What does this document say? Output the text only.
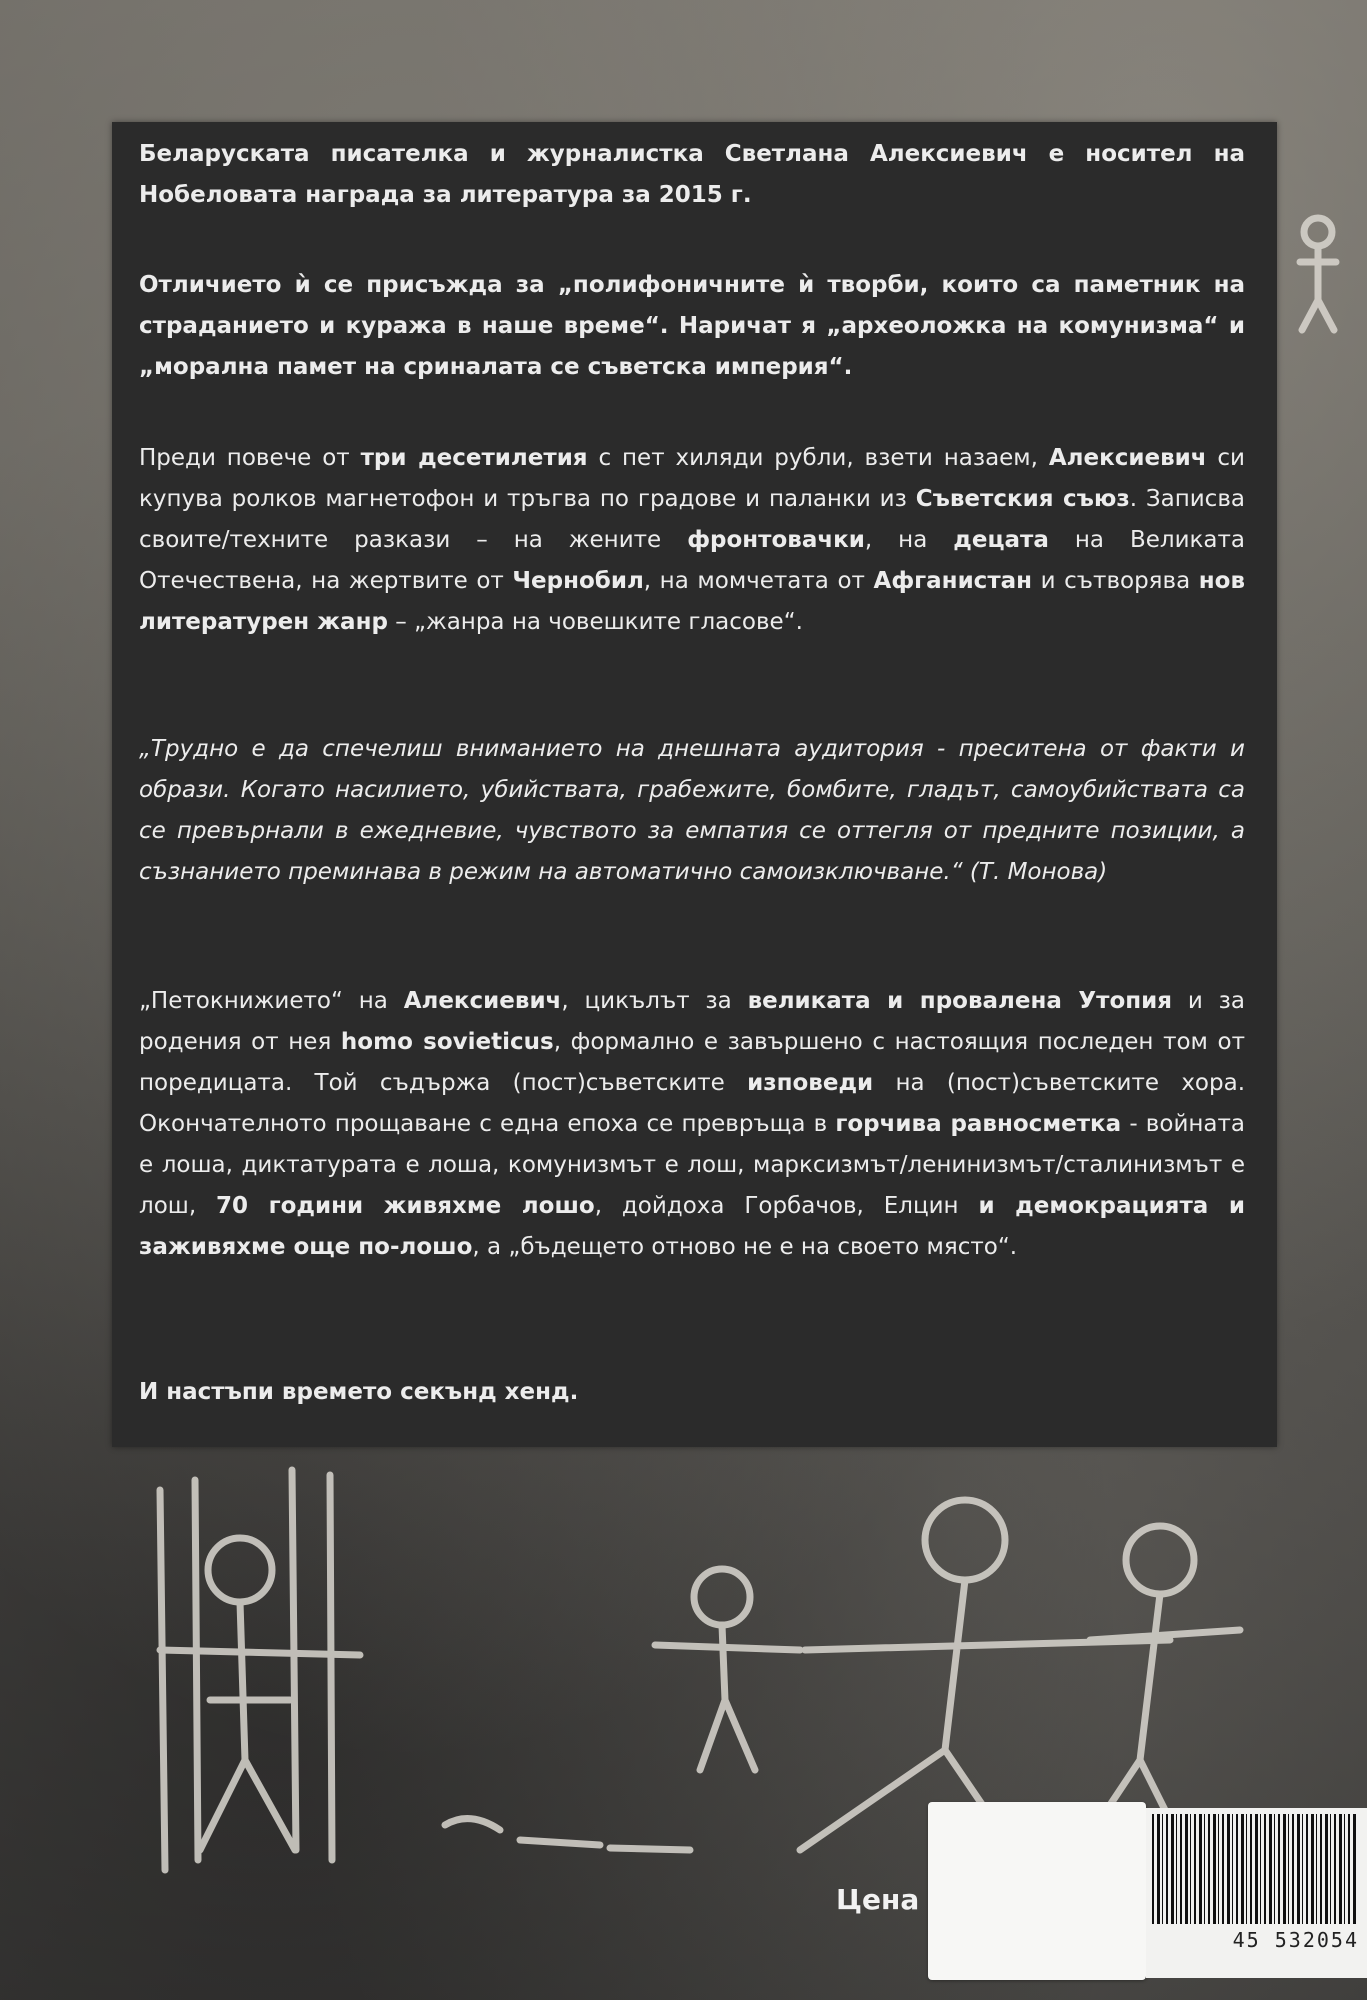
Беларуската писателка и журналистка Светлана Алексиевич е носител на Нобеловата награда за литература за 2015 г.

Отличието ѝ се присъжда за „полифоничните ѝ творби, които са паметник на страданието и куража в наше време“. Наричат я „археоложка на комунизма“ и „морална памет на сриналата се съветска империя“.

Преди повече от три десетилетия с пет хиляди рубли, взети назаем, Алексиевич си купува ролков магнетофон и тръгва по градове и паланки из Съветския съюз. Записва своите/техните разкази – на жените фронтовачки, на децата на Великата Отечествена, на жертвите от Чернобил, на момчетата от Афганистан и сътворява нов литературен жанр – „жанра на човешките гласове“.

„Трудно е да спечелиш вниманието на днешната аудитория - преситена от факти и образи. Когато насилието, убийствата, грабежите, бомбите, гладът, самоубийствата са се превърнали в ежедневие, чувството за емпатия се оттегля от предните позиции, а съзнанието преминава в режим на автоматично самоизключване.“ (Т. Монова)

„Петокнижието“ на Алексиевич, цикълът за великата и провалена Утопия и за родения от нея homo sovieticus, формално е завършено с настоящия последен том от поредицата. Той съдържа (пост)съветските изповеди на (пост)съветските хора. Окончателното прощаване с една епоха се превръща в горчива равносметка - войната е лоша, диктатурата е лоша, комунизмът е лош, марксизмът/ленинизмът/сталинизмът е лош, 70 години живяхме лошо, дойдоха Горбачов, Елцин и демокрацията и заживяхме още по-лошо, а „бъдещето отново не е на своето място“.

И настъпи времето секънд хенд.

Цена
45 532054
